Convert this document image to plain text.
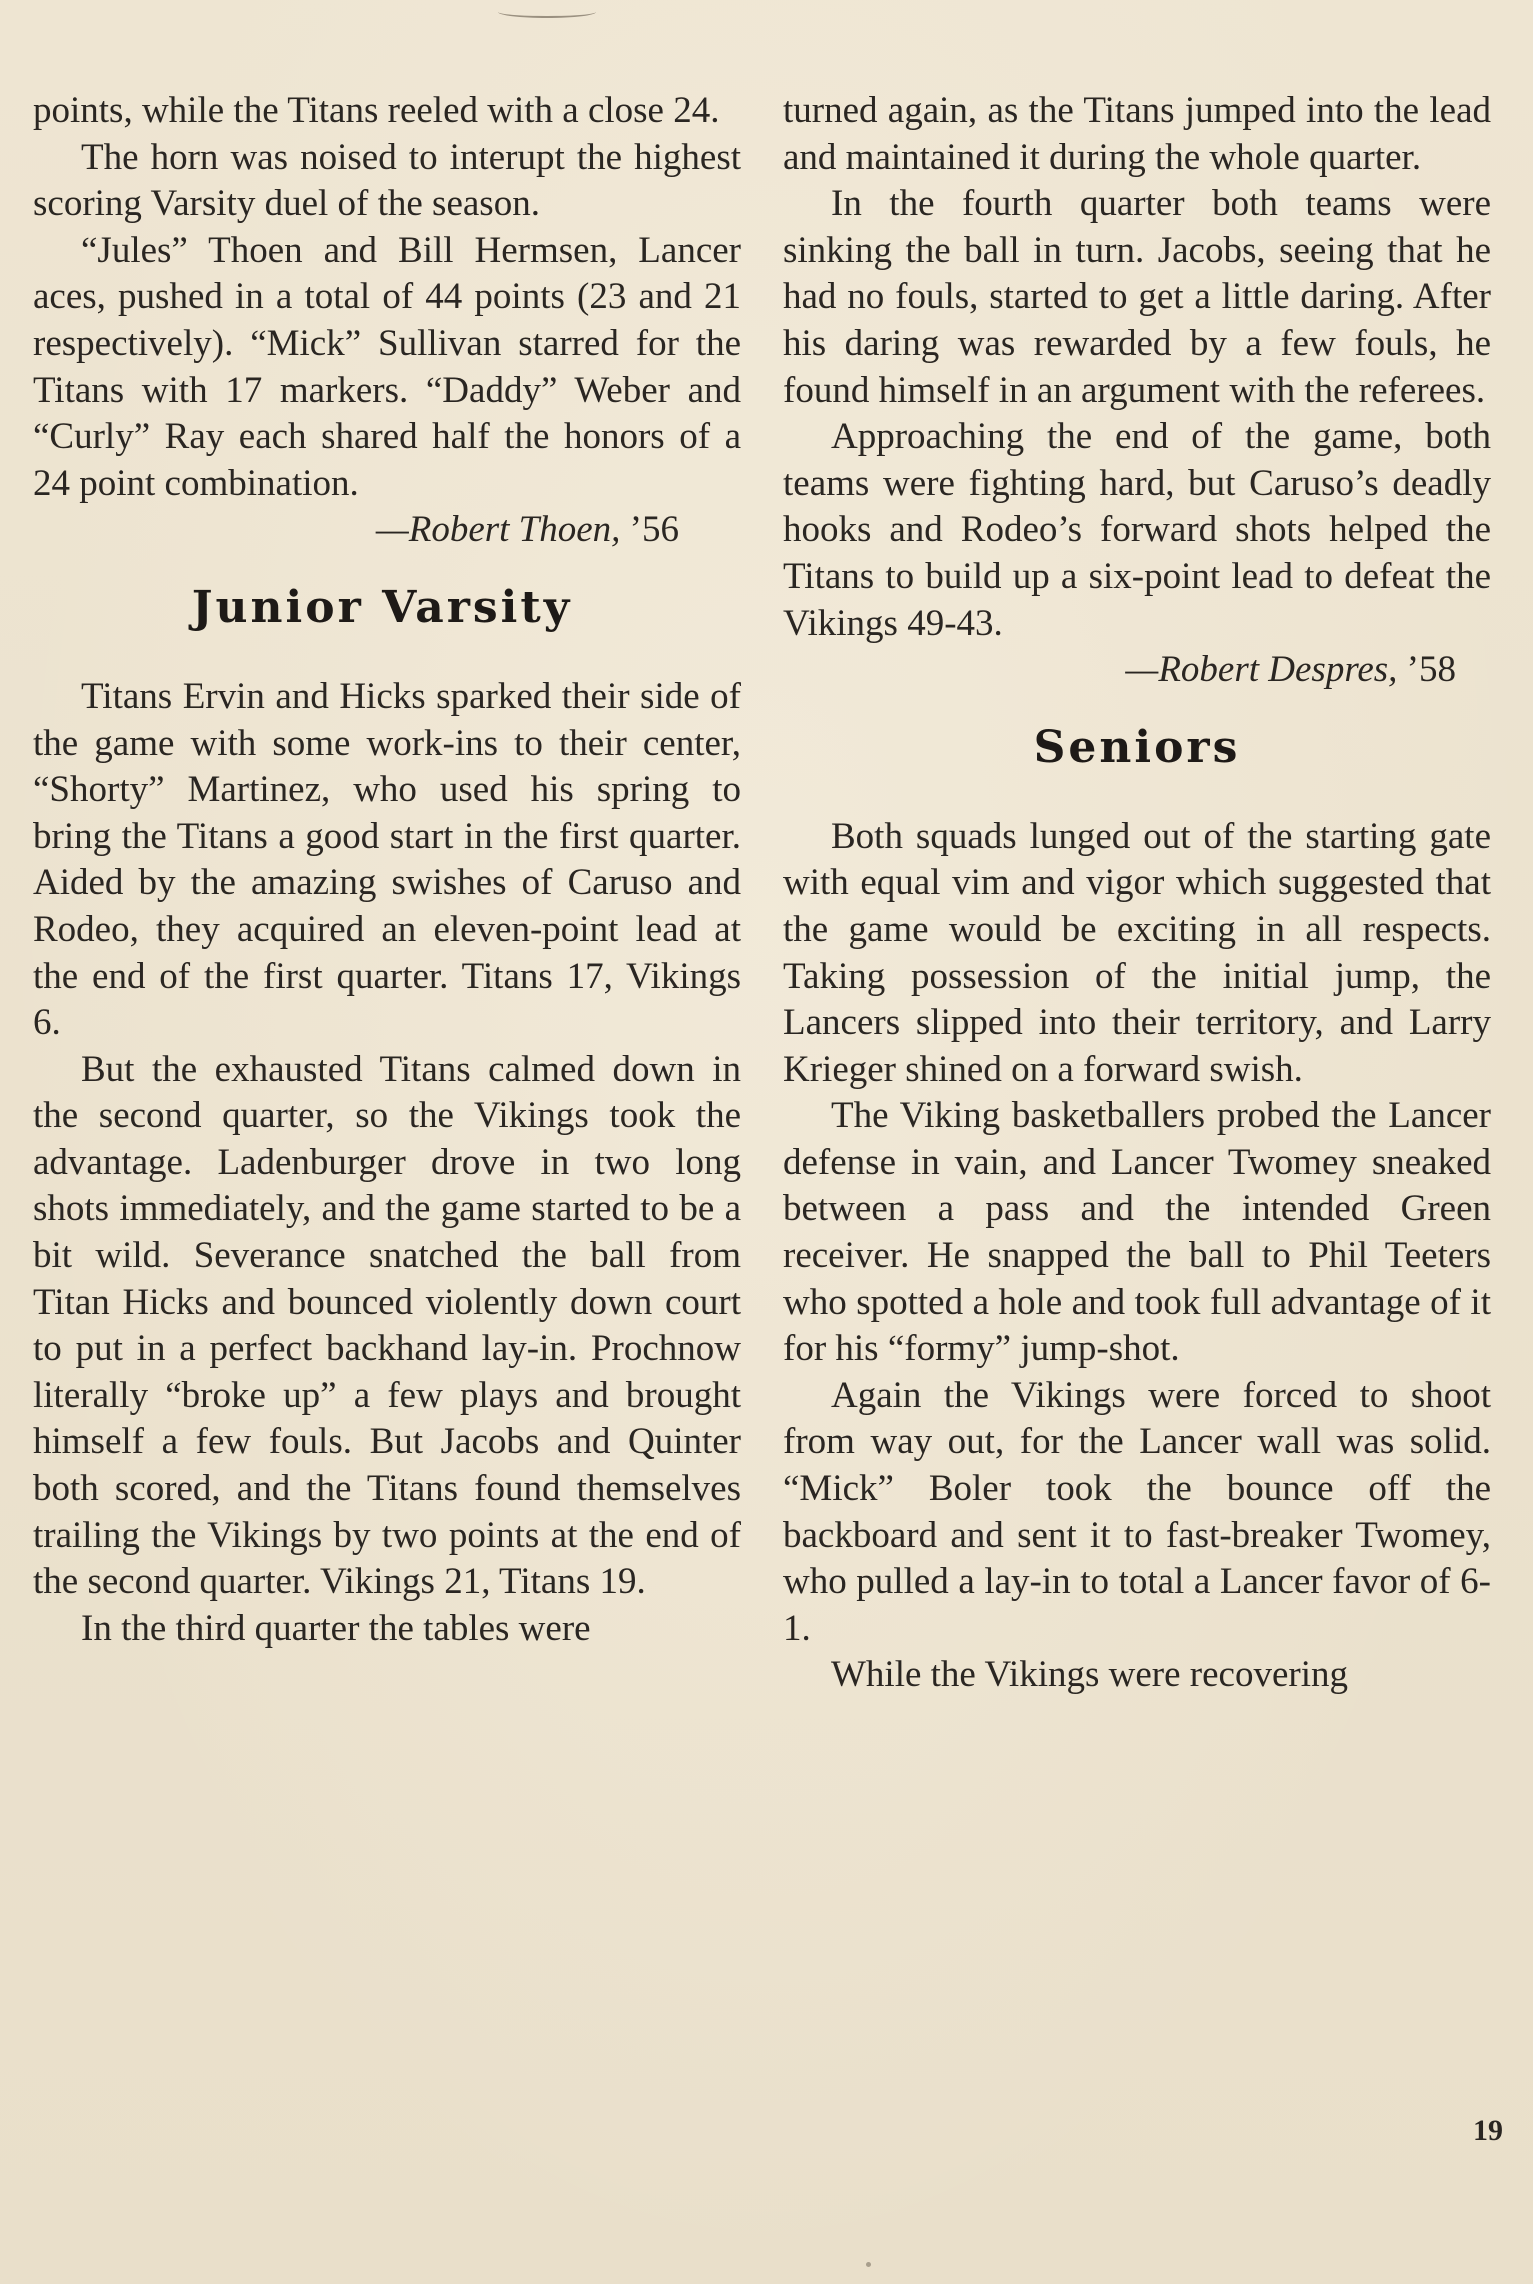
points, while the Titans reeled with a close 24.

The horn was noised to interupt the highest scoring Varsity duel of the season.

“Jules” Thoen and Bill Hermsen, Lancer aces, pushed in a total of 44 points (23 and 21 respectively). “Mick” Sullivan starred for the Titans with 17 markers. “Daddy” Weber and “Curly” Ray each shared half the honors of a 24 point combination.

—Robert Thoen, ’56
Junior Varsity

Titans Ervin and Hicks sparked their side of the game with some work-ins to their center, “Shorty” Martinez, who used his spring to bring the Titans a good start in the first quarter. Aided by the amazing swishes of Caruso and Rodeo, they acquired an eleven-point lead at the end of the first quarter. Titans 17, Vikings 6.

But the exhausted Titans calmed down in the second quarter, so the Vikings took the advantage. Ladenburger drove in two long shots immediately, and the game started to be a bit wild. Severance snatched the ball from Titan Hicks and bounced violently down court to put in a perfect backhand lay-in. Prochnow literally “broke up” a few plays and brought himself a few fouls. But Jacobs and Quinter both scored, and the Titans found themselves trailing the Vikings by two points at the end of the second quarter. Vikings 21, Titans 19.

In the third quarter the tables were

turned again, as the Titans jumped into the lead and maintained it during the whole quarter.

In the fourth quarter both teams were sinking the ball in turn. Jacobs, seeing that he had no fouls, started to get a little daring. After his daring was rewarded by a few fouls, he found himself in an argument with the referees.

Approaching the end of the game, both teams were fighting hard, but Caruso’s deadly hooks and Rodeo’s forward shots helped the Titans to build up a six-point lead to defeat the Vikings 49-43.

—Robert Despres, ’58
Seniors

Both squads lunged out of the starting gate with equal vim and vigor which suggested that the game would be exciting in all respects. Taking possession of the initial jump, the Lancers slipped into their territory, and Larry Krieger shined on a forward swish.

The Viking basketballers probed the Lancer defense in vain, and Lancer Twomey sneaked between a pass and the intended Green receiver. He snapped the ball to Phil Teeters who spotted a hole and took full advantage of it for his “formy” jump-shot.

Again the Vikings were forced to shoot from way out, for the Lancer wall was solid. “Mick” Boler took the bounce off the backboard and sent it to fast-breaker Twomey, who pulled a lay-in to total a Lancer favor of 6-1.

While the Vikings were recovering

19
